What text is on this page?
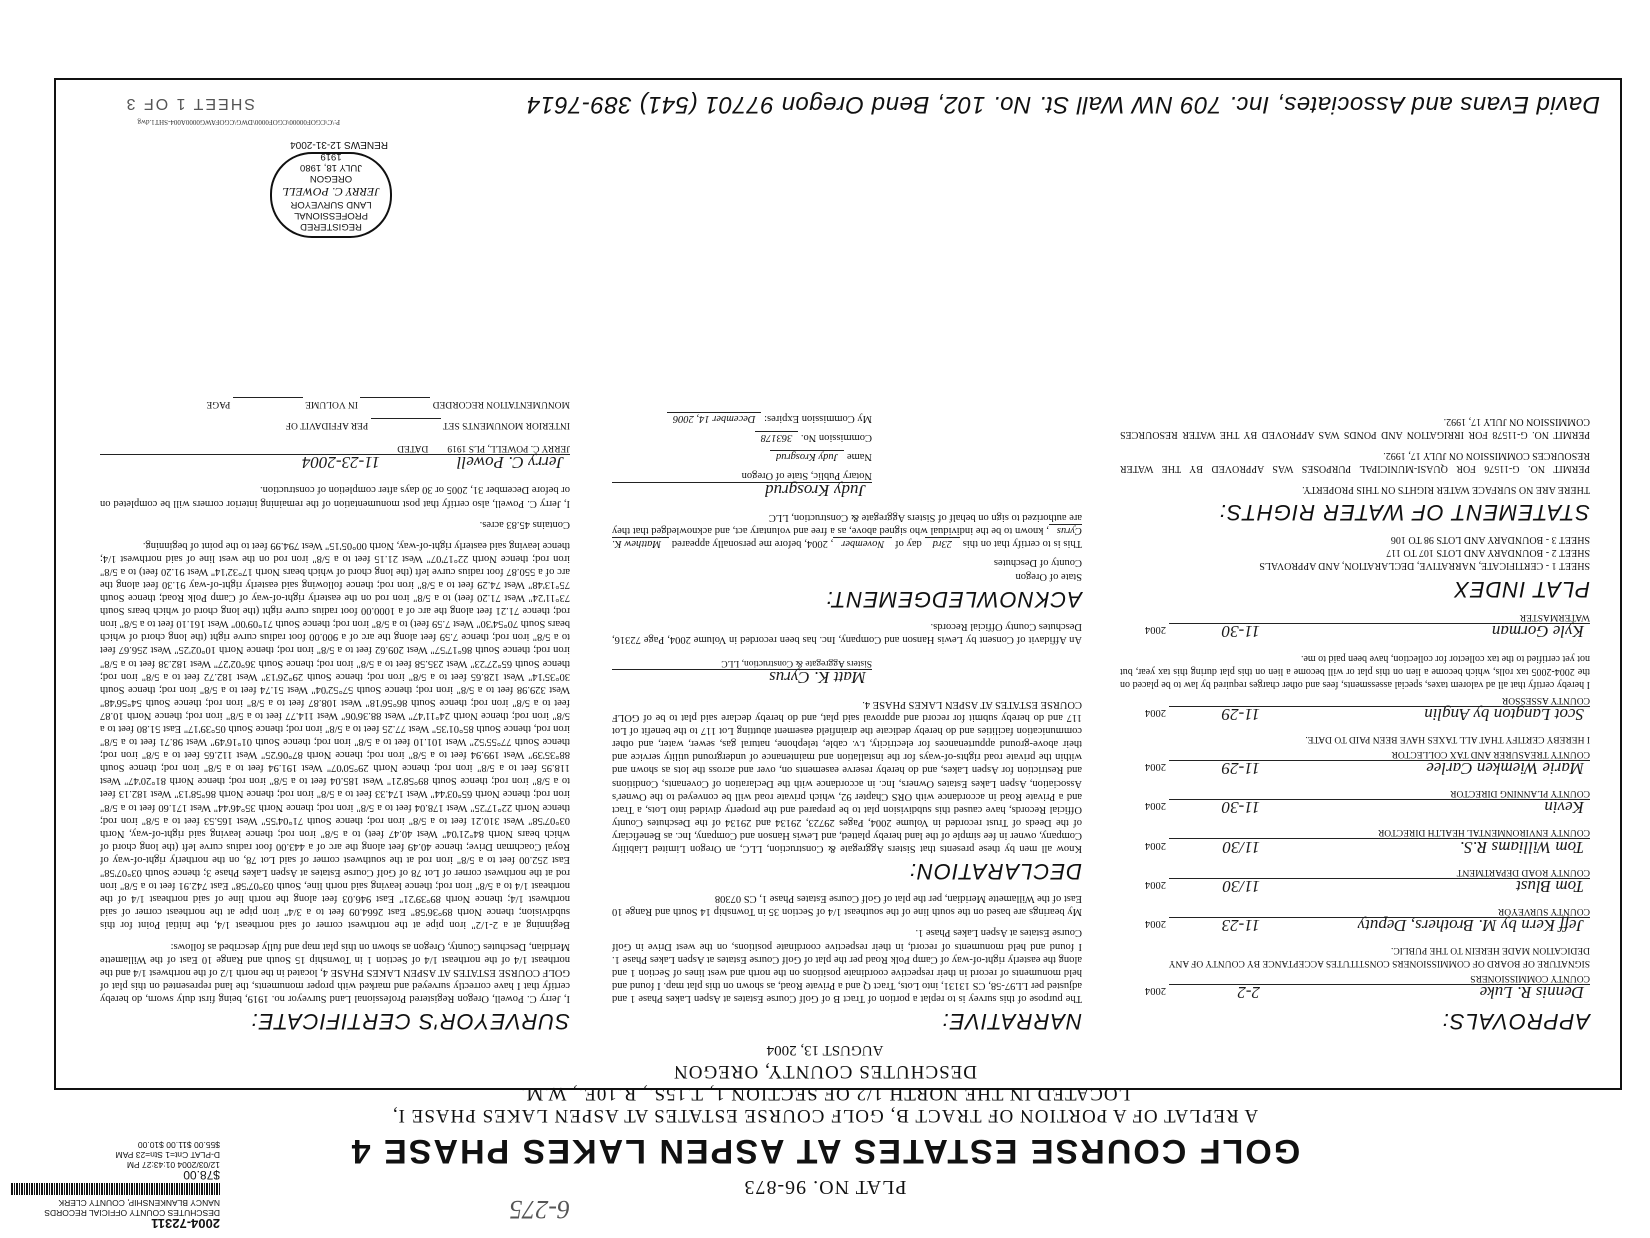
PLAT NO. 96-873
GOLF COURSE ESTATES AT ASPEN LAKES PHASE 4
A REPLAT OF A PORTION OF TRACT B, GOLF COURSE ESTATES AT ASPEN LAKES PHASE I,
LOCATED IN THE NORTH 1/2 OF SECTION 1, T.15S., R.10E., W.M.
DESCHUTES COUNTY, OREGON
AUGUST 13, 2004
2004-72311
DESCHUTES COUNTY OFFICIAL RECORDS
NANCY BLANKENSHIP, COUNTY CLERK
$78.00
12/03/2004 01:43:27 PM
D-PLAT Cnt=1 Stn=23 PAM
$55.00 $11.00 $10.00
6-275
SURVEYOR'S CERTIFICATE:

I, Jerry C. Powell, Oregon Registered Professional Land Surveyor no. 1919, being first duly sworn, do hereby certify that I have correctly surveyed and marked with proper monuments, the land represented on this plat of GOLF COURSE ESTATES AT ASPEN LAKES PHASE 4, located in the north 1/2 of the northwest 1/4 and the northeast 1/4 of the northeast 1/4 of Section 1 in Township 15 South and Range 10 East of the Willamette Meridian, Deschutes County, Oregon as shown on this plat map and fully described as follows:

Beginning at a 2-1/2" iron pipe at the northwest corner of said northeast 1/4, the Initial Point for this subdivision; thence North 89°36'58" East 2664.09 feet to a 3/4" iron pipe at the northeast corner of said northwest 1/4; thence North 89°39'21" East 946.03 feet along the north line of said northeast 1/4 of the northeast 1/4 to a 5/8" iron rod; thence leaving said north line, South 03°07'58" East 742.91 feet to a 5/8" iron rod at the northwest corner of Lot 78 of Golf Course Estates at Aspen Lakes Phase 3; thence South 03°07'58" East 252.00 feet to a 5/8" iron rod at the southwest corner of said Lot 78, on the northerly right-of-way of Royal Coachman Drive; thence 40.49 feet along the arc of a 443.00 foot radius curve left (the long chord of which bears North 84°21'04" West 40.47 feet) to a 5/8" iron rod; thence leaving said right-of-way, North 03°07'58" West 310.21 feet to a 5/8" iron rod; thence South 71°04'55" West 165.53 feet to a 5/8" iron rod; thence North 22°17'25" West 178.04 feet to a 5/8" iron rod; thence North 35°46'44" West 171.60 feet to a 5/8" iron rod; thence North 65°03'44" West 174.33 feet to a 5/8" iron rod; thence North 86°58'13" West 182.13 feet to a 5/8" iron rod; thence South 89°58'21" West 185.04 feet to a 5/8" iron rod; thence North 81°20'47" West 118.95 feet to a 5/8" iron rod; thence North 29°50'07" West 191.94 feet to a 5/8" iron rod; thence South 88°35'39" West 199.94 feet to a 5/8" iron rod; thence North 87°06'25" West 112.65 feet to a 5/8" iron rod; thence South 77°55'52" West 101.10 feet to a 5/8" iron rod; thence South 01°16'49" West 98.71 feet to a 5/8" iron rod, thence South 85°01'35" West 77.25 feet to a 5/8" iron rod; thence South 05°39'17" East 51.80 feet to a 5/8" iron rod; thence North 24°11'47" West 88.36'06" West 114.77 feet to a 5/8" iron rod; thence North 10.87 feet to a 5/8" iron rod; thence South 86°56'18" West 108.87 feet to a 5/8" iron rod; thence South 54°56'48" West 329.98 feet to a 5/8" iron rod; thence South 57°52'04" West 51.74 feet to a 5/8" iron rod; thence South 30°35'14" West 128.65 feet to a 5/8" iron rod; thence South 29°26'13" West 182.72 feet to a 5/8" iron rod; thence South 65°27'23" West 235.58 feet to a 5/8" iron rod; thence South 36°02'27" West 182.38 feet to a 5/8" iron rod; thence South 86°17'57" West 209.62 feet to a 5/8" iron rod; thence North 10°02'25" West 256.67 feet to a 5/8" iron rod; thence 7.59 feet along the arc of a 900.00 foot radius curve right (the long chord of which bears South 70°54'30" West 7.59 feet) to a 5/8" iron rod; thence South 71°09'00" West 161.10 feet to a 5/8" iron rod; thence 71.21 feet along the arc of a 1000.00 foot radius curve right (the long chord of which bears South 73°11'24" West 71.20 feet) to a 5/8" iron rod on the easterly right-of-way of Camp Polk Road; thence South 75°13'48" West 74.29 feet to a 5/8" iron rod; thence following said easterly right-of-way 91.30 feet along the arc of a 550.87 foot radius curve left (the long chord of which bears North 17°32'14" West 91.20 feet) to a 5/8" iron rod; thence North 22°17'07" West 21.15 feet to a 5/8" iron rod on the west line of said northwest 1/4; thence leaving said easterly right-of-way, North 00°05'15" West 794.99 feet to the point of beginning.

Contains 45.83 acres.

I, Jerry C. Powell, also certify that post monumentation of the remaining interior corners will be completed on or before December 31, 2005 or 30 days after completion of construction.

Jerry C. Powell
11-23-2004
JERRY C. POWELL, PLS 1919        DATED
INTERIOR MONUMENTS SET  PER AFFIDAVIT OF
MONUMENTATION RECORDED  IN VOLUME  PAGE
NARRATIVE:

The purpose of this survey is to replat a portion of Tract B of Golf Course Estates at Aspen Lakes Phase 1 and adjusted per LL97-58, CS 13131, into Lots, Tract Q and a Private Road, as shown on this plat map. I found and held monuments of record in their respective coordinate positions on the north and west lines of Section 1 and along the easterly right-of-way of Camp Polk Road per the plat of Golf Course Estates at Aspen Lakes Phase 1. I found and held monuments of record, in their respective coordinate positions, on the west Drive in Golf Course Estates at Aspen Lakes Phase 1.

My bearings are based on the south line of the southeast 1/4 of Section 35 in Township 14 South and Range 10 East of the Willamette Meridian, per the plat of Golf Course Estates Phase 1, CS 07308

DECLARATION:

Know all men by these presents that Sisters Aggregate & Construction, LLC, an Oregon Limited Liability Company, owner in fee simple of the land hereby platted, and Lewis Hanson and Company, Inc. as Beneficiary of the Deeds of Trust recorded in Volume 2004, Pages 29723, 29134 and 29134 of the Deschutes County Official Records, have caused this subdivision plat to be prepared and the property divided into Lots, a Tract and a Private Road in accordance with ORS Chapter 92, which private road will be conveyed to the Owner's Association, Aspen Lakes Estates Owners, Inc. in accordance with the Declaration of Covenants, Conditions and Restriction for Aspen Lakes, and do hereby reserve easements on, over and across the lots as shown and within the private road rights-of-ways for the installation and maintenance of underground utility service and their above-ground appurtenances for electricity, t.v. cable, telephone, natural gas, sewer, water, and other communication facilities and do hereby dedicate the drainfield easement abutting Lot 117 to the benefit of Lot 117 and do hereby submit for record and approval said plat, and do hereby declare said plat to be of GOLF COURSE ESTATES AT ASPEN LAKES PHASE 4.

Matt K. Cyrus
Sisters Aggregate & Construction, LLC

An Affidavit of Consent by Lewis Hanson and Company, Inc. has been recorded in Volume 2004, Page 72316, Deschutes County Official Records.

ACKNOWLEDGEMENT:
State of Oregon
County of Deschutes

This is to certify that on this 23rd day of November, 2004, before me personally appeared Matthew K. Cyrus, known to be the individual who signed above, as a free and voluntary act, and acknowledged that they are authorized to sign on behalf of Sisters Aggregate & Construction, LLC

Judy Krosgrud
Notary Public, State of Oregon
Name Judy Krosgrud
Commission No. 363178
My Commission Expires: December 14, 2006
APPROVALS:
Dennis R. Luke
2-2
2004
COUNTY COMMISSIONERS
SIGNATURE OF BOARD OF COMMISSIONERS CONSTITUTES ACCEPTANCE BY COUNTY OF ANY DEDICATION MADE HEREIN TO THE PUBLIC.
Jeff Kern by M. Brothers, Deputy
11-23
2004
COUNTY SURVEYOR
Tom Blust
11/30
2004
COUNTY ROAD DEPARTMENT
Tom Williams R.S.
11/30
2004
COUNTY ENVIRONMENTAL HEALTH DIRECTOR
Kevin
11-30
2004
COUNTY PLANNING DIRECTOR
Marie Wiemken Carlee
11-29
2004
COUNTY TREASURER AND TAX COLLECTOR
I HEREBY CERTIFY THAT ALL TAXES HAVE BEEN PAID TO DATE.
Scot Langton by Anglin
11-29
2004
COUNTY ASSESSOR

I hereby certify that all ad valorem taxes, special assessments, fees and other charges required by law to be placed on the 2004-2005 tax rolls, which become a lien on this plat or will become a lien on this plat during this tax year, but not yet certified to the tax collector for collection, have been paid to me.

Kyle Gorman
11-30
2004
WATERMASTER
PLAT INDEX
SHEET 1 - CERTIFICATE, NARRATIVE, DECLARATION, AND APPROVALS
SHEET 2 - BOUNDARY AND LOTS 107 TO 117
SHEET 3 - BOUNDARY AND LOTS 98 TO 106
STATEMENT OF WATER RIGHTS:

THERE ARE NO SURFACE WATER RIGHTS ON THIS PROPERTY.

PERMIT NO. G-11576 FOR QUASI-MUNICIPAL PURPOSES WAS APPROVED BY THE WATER RESOURCES COMMISSION ON JULY 17, 1992.

PERMIT NO. G-11578 FOR IRRIGATION AND PONDS WAS APPROVED BY THE WATER RESOURCES COMMISSION ON JULY 17, 1992.

REGISTERED
PROFESSIONAL
LAND SURVEYOR
JERRY C. POWELL
OREGON
JULY 18, 1980
1919
RENEWS 12-31-2004
David Evans and Associates, Inc. 709 NW Wall St. No. 102, Bend Oregon 97701 (541) 389-7614
SHEET 1 OF 3
P:\C\CGOF00000\CGOF0000\DWG\CGOFAWG0000A004-SHT1.dwg
